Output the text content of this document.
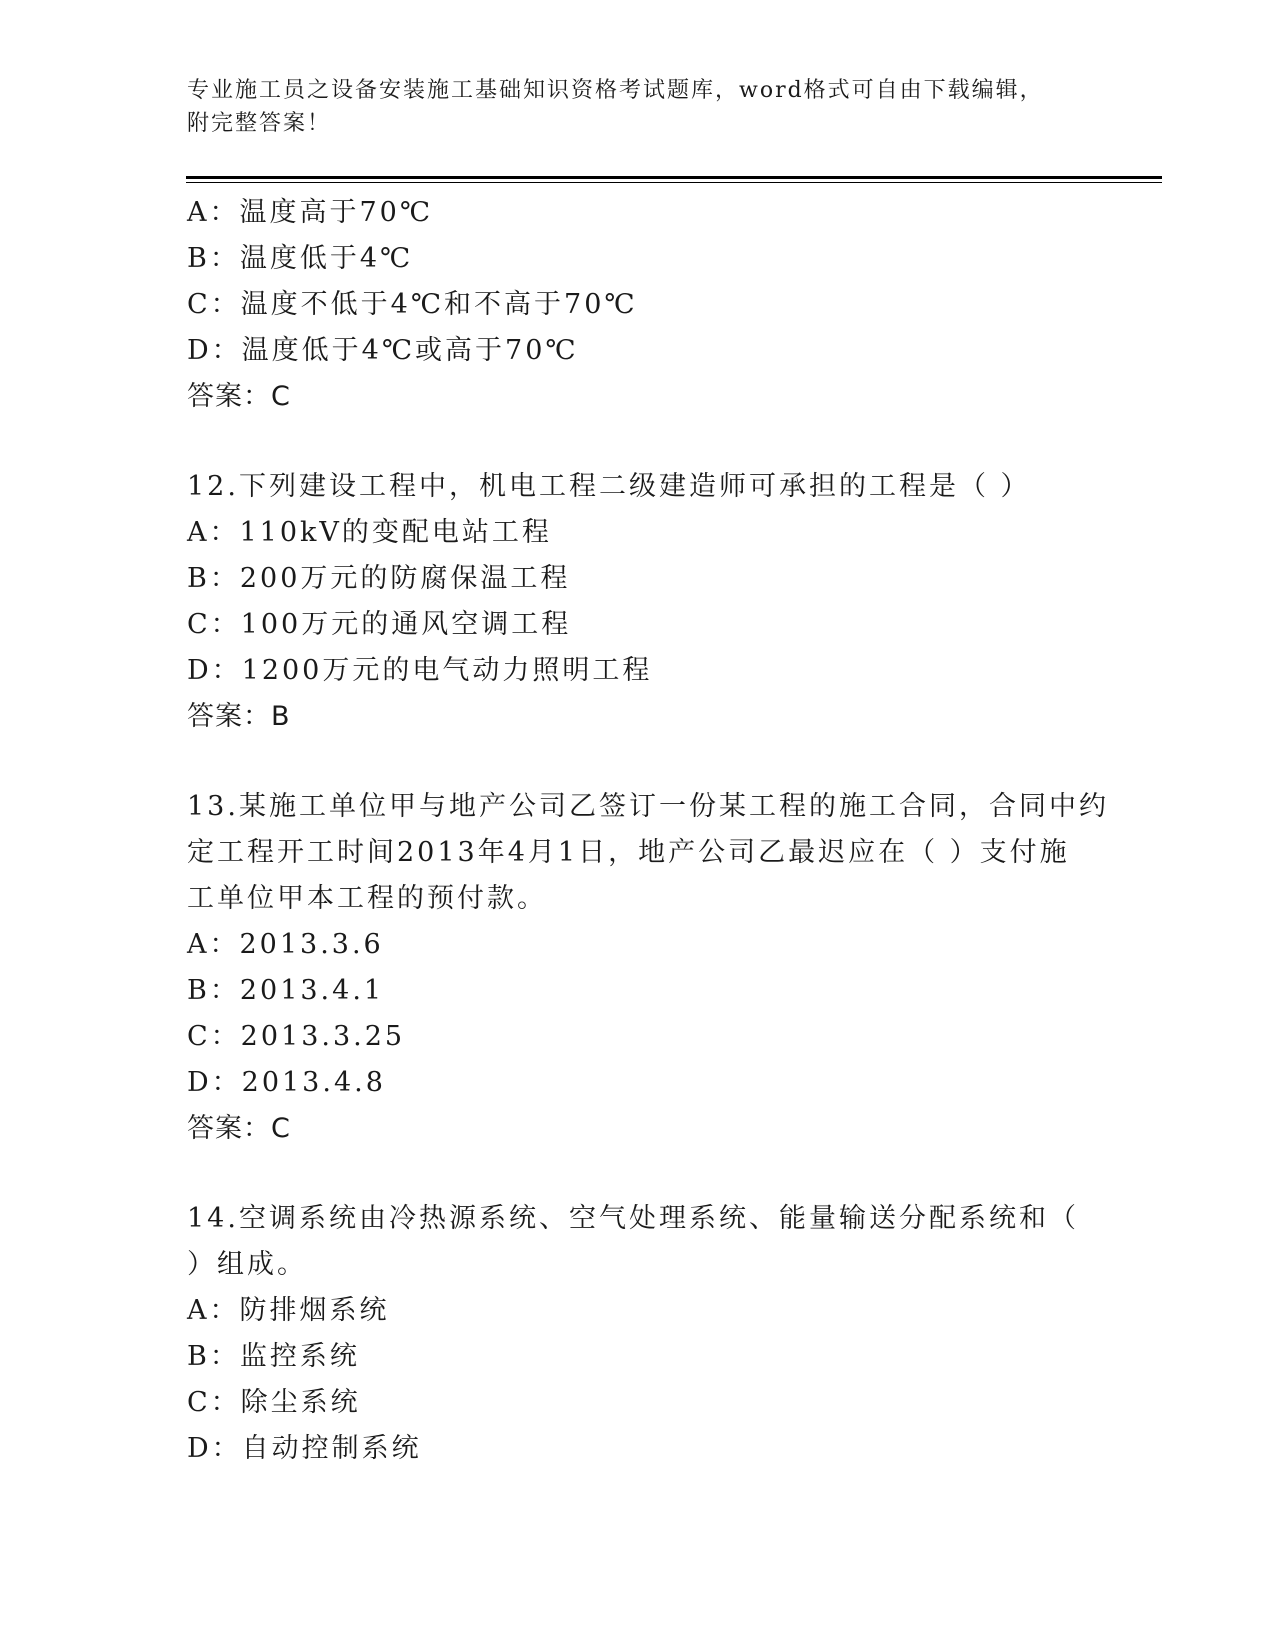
专业施工员之设备安装施工基础知识资格考试题库，word格式可自由下载编辑，
附完整答案！
A：温度高于70℃
B：温度低于4℃
C：温度不低于4℃和不高于70℃
D：温度低于4℃或高于70℃
答案：C
12.下列建设工程中，机电工程二级建造师可承担的工程是（ ）
A：110kV的变配电站工程
B：200万元的防腐保温工程
C：100万元的通风空调工程
D：1200万元的电气动力照明工程
答案：B
13.某施工单位甲与地产公司乙签订一份某工程的施工合同，合同中约
定工程开工时间2013年4月1日，地产公司乙最迟应在（ ）支付施
工单位甲本工程的预付款。
A：2013.3.6
B：2013.4.1
C：2013.3.25
D：2013.4.8
答案：C
14.空调系统由冷热源系统、空气处理系统、能量输送分配系统和（
）组成。
A：防排烟系统
B：监控系统
C：除尘系统
D：自动控制系统
